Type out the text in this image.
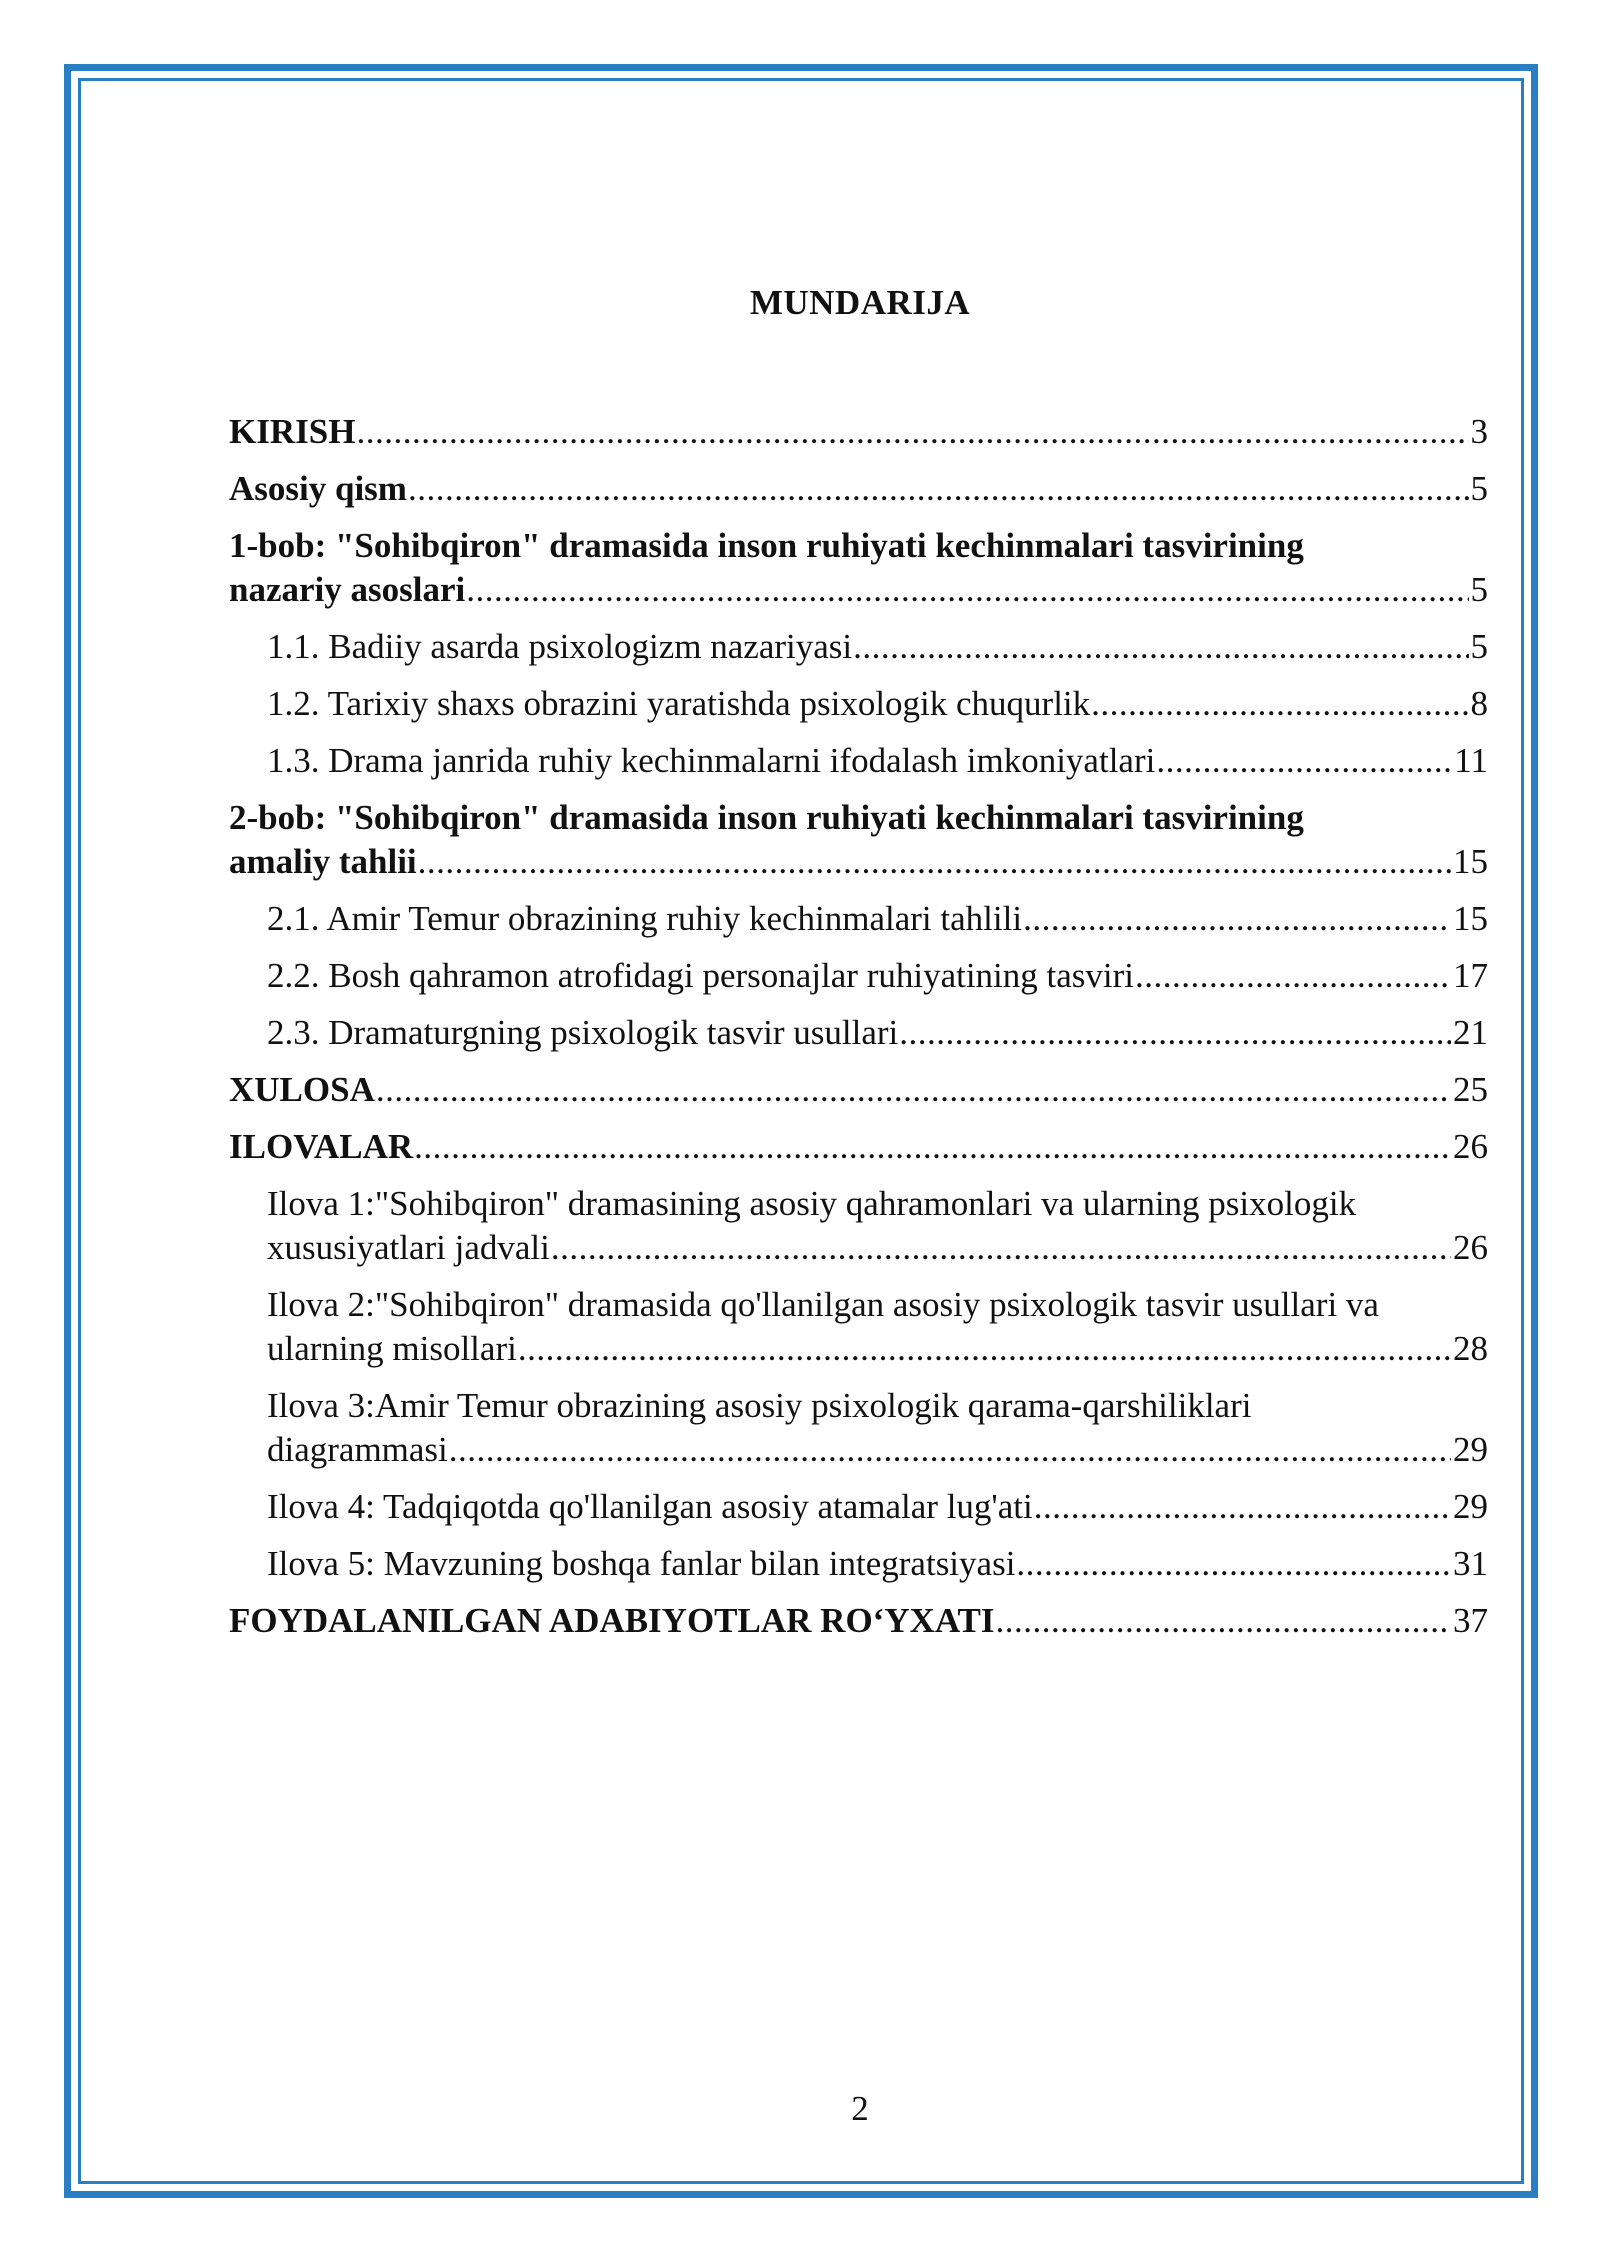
MUNDARIJA
KIRISH .....	3
Asosiy qism .....	5
1-bob: "Sohibqiron" dramasida inson ruhiyati kechinmalari tasvirining
nazariy asoslari .....	5
1.1. Badiiy asarda psixologizm nazariyasi .....	5
1.2. Tarixiy shaxs obrazini yaratishda psixologik chuqurlik .....	8
1.3. Drama janrida ruhiy kechinmalarni ifodalash imkoniyatlari .....	11
2-bob: "Sohibqiron" dramasida inson ruhiyati kechinmalari tasvirining
amaliy tahlii .....	15
2.1. Amir Temur obrazining ruhiy kechinmalari tahlili .....	15
2.2. Bosh qahramon atrofidagi personajlar ruhiyatining tasviri .....	17
2.3. Dramaturgning psixologik tasvir usullari .....	21
XULOSA .....	25
ILOVALAR .....	26
Ilova 1:"Sohibqiron" dramasining asosiy qahramonlari va ularning psixologik
xususiyatlari jadvali .....	26
Ilova 2:"Sohibqiron" dramasida qo'llanilgan asosiy psixologik tasvir usullari va
ularning misollari .....	28
Ilova 3:Amir Temur obrazining asosiy psixologik qarama-qarshiliklari
diagrammasi .....	29
Ilova 4: Tadqiqotda qo'llanilgan asosiy atamalar lug'ati .....	29
Ilova 5: Mavzuning boshqa fanlar bilan integratsiyasi .....	31
FOYDALANILGAN ADABIYOTLAR RO‘YXATI .....	37

2
